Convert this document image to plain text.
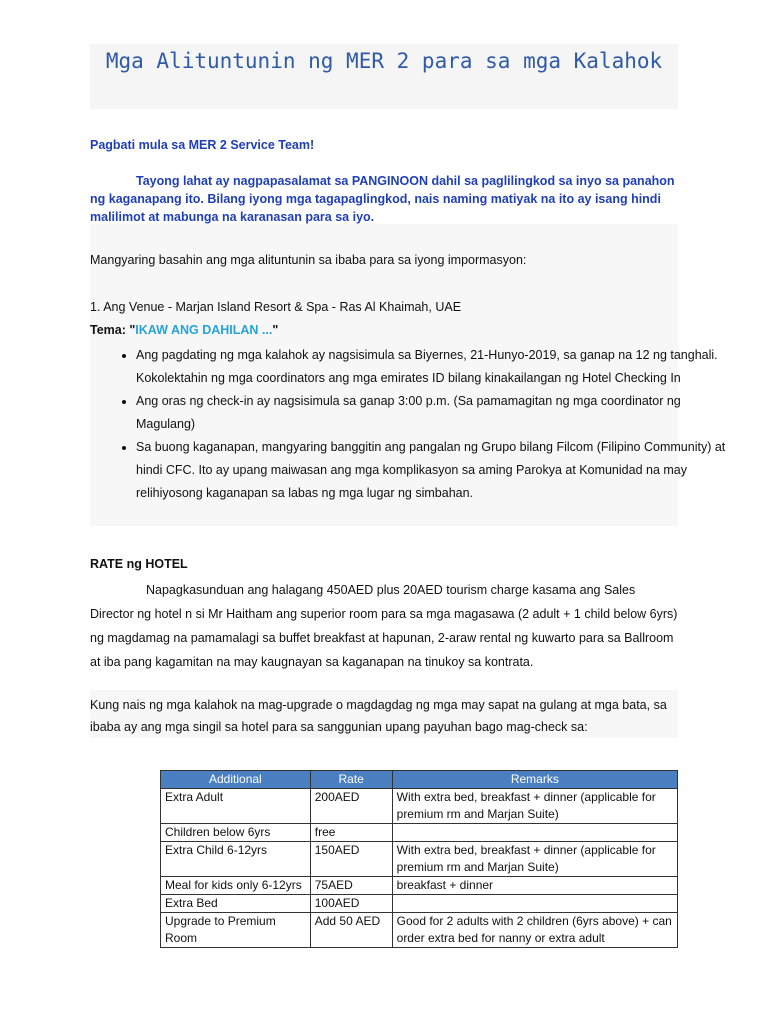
Mga Alituntunin ng MER 2 para sa mga Kalahok
Pagbati mula sa MER 2 Service Team!
Tayong lahat ay nagpapasalamat sa PANGINOON dahil sa paglilingkod sa inyo sa panahon ng kaganapang ito. Bilang iyong mga tagapaglingkod, nais naming matiyak na ito ay isang hindi malilimot at mabunga na karanasan para sa iyo.
Mangyaring basahin ang mga alituntunin sa ibaba para sa iyong impormasyon:
1. Ang Venue - Marjan Island Resort & Spa - Ras Al Khaimah, UAE
Tema: "IKAW ANG DAHILAN ..."
• Ang pagdating ng mga kalahok ay nagsisimula sa Biyernes, 21-Hunyo-2019, sa ganap na 12 ng tanghali. Kokolektahin ng mga coordinators ang mga emirates ID bilang kinakailangan ng Hotel Checking In
• Ang oras ng check-in ay nagsisimula sa ganap 3:00 p.m. (Sa pamamagitan ng mga coordinator ng Magulang)
• Sa buong kaganapan, mangyaring banggitin ang pangalan ng Grupo bilang Filcom (Filipino Community) at hindi CFC. Ito ay upang maiwasan ang mga komplikasyon sa aming Parokya at Komunidad na may relihiyosong kaganapan sa labas ng mga lugar ng simbahan.
RATE ng HOTEL
Napagkasunduan ang halagang 450AED plus 20AED tourism charge kasama ang Sales Director ng hotel n si Mr Haitham ang superior room para sa mga magasawa (2 adult + 1 child below 6yrs) ng magdamag na pamamalagi sa buffet breakfast at hapunan, 2-araw rental ng kuwarto para sa Ballroom at iba pang kagamitan na may kaugnayan sa kaganapan na tinukoy sa kontrata.
Kung nais ng mga kalahok na mag-upgrade o magdagdag ng mga may sapat na gulang at mga bata, sa ibaba ay ang mga singil sa hotel para sa sanggunian upang payuhan bago mag-check sa:
Additional	Rate	Remarks
Extra Adult	200AED	With extra bed, breakfast + dinner (applicable for premium rm and Marjan Suite)
Children below 6yrs	free	
Extra Child 6-12yrs	150AED	With extra bed, breakfast + dinner (applicable for premium rm and Marjan Suite)
Meal for kids only 6-12yrs	75AED	breakfast + dinner
Extra Bed	100AED	
Upgrade to Premium Room	Add 50 AED	Good for 2 adults with 2 children (6yrs above) + can order extra bed for nanny or extra adult
